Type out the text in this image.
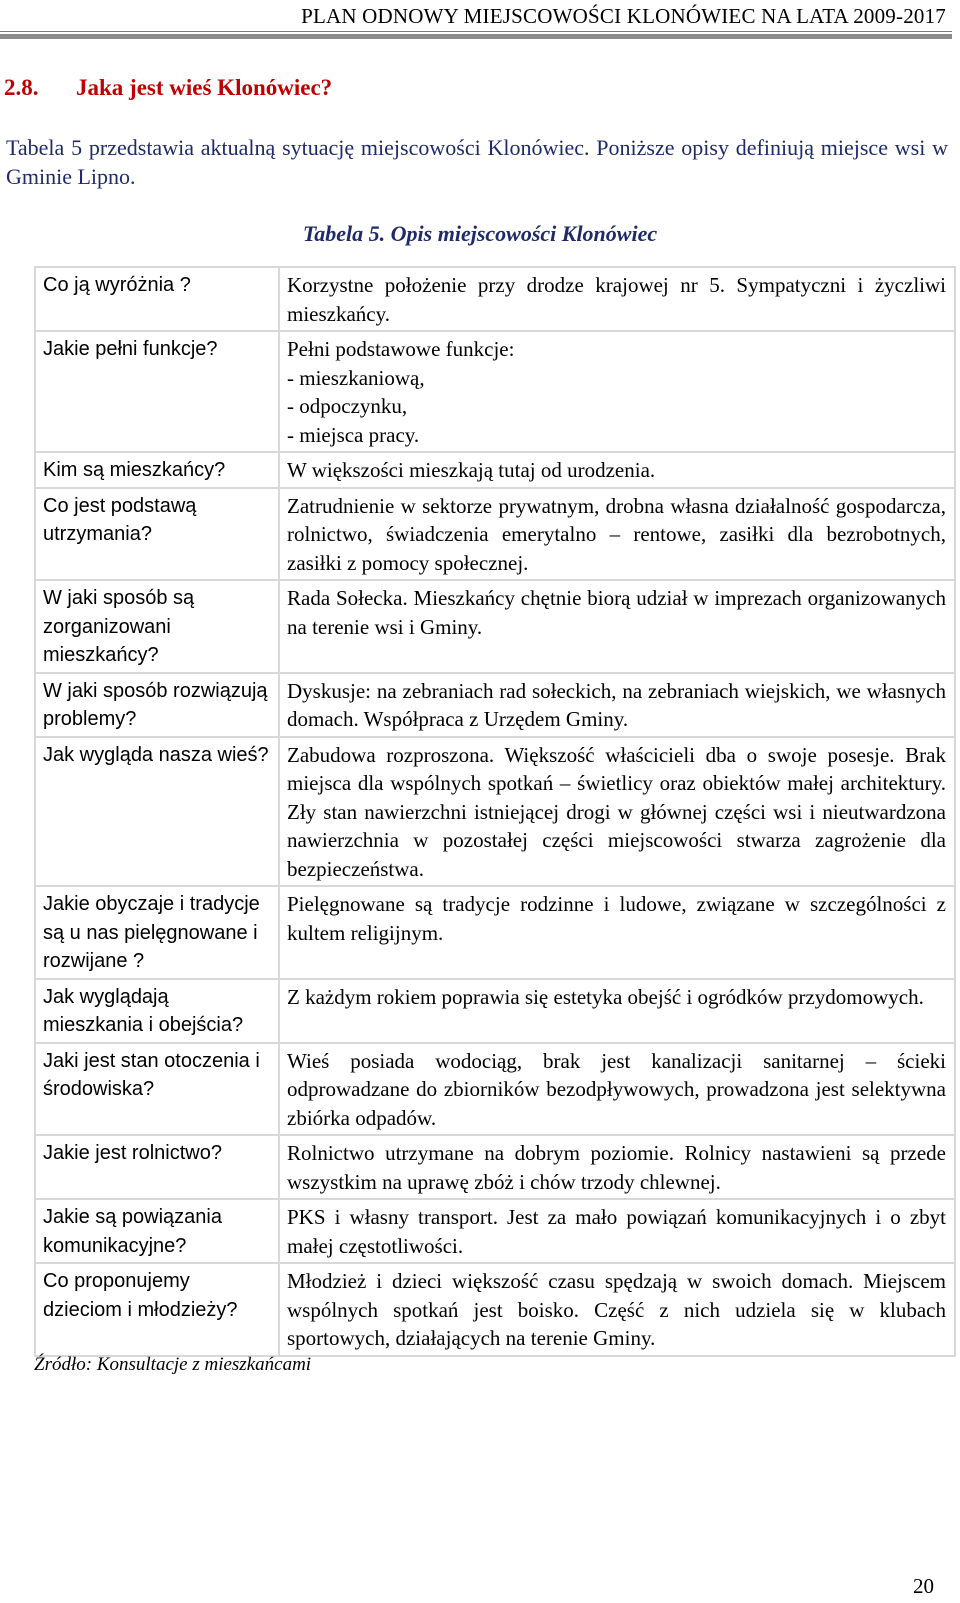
PLAN ODNOWY MIEJSCOWOŚCI KLONÓWIEC NA LATA 2009-2017
2.8. Jaka jest wieś Klonówiec?

Tabela 5 przedstawia aktualną sytuację miejscowości Klonówiec. Poniższe opisy definiują miejsce wsi w Gminie Lipno.

Tabela 5. Opis miejscowości Klonówiec
Co ją wyróżnia ?	Korzystne położenie przy drodze krajowej nr 5. Sympatyczni i życzliwi mieszkańcy.

Jakie pełni funkcje?	Pełni podstawowe funkcje:
- mieszkaniową,
- odpoczynku,
- miejsca pracy.

Kim są mieszkańcy?	W większości mieszkają tutaj od urodzenia.

Co jest podstawą utrzymania?	Zatrudnienie w sektorze prywatnym, drobna własna działalność gospodarcza, rolnictwo, świadczenia emerytalno – rentowe, zasiłki dla bezrobotnych, zasiłki z pomocy społecznej.

W jaki sposób są zorganizowani mieszkańcy?	Rada Sołecka. Mieszkańcy chętnie biorą udział w imprezach organizowanych na terenie wsi i Gminy.

W jaki sposób rozwiązują problemy?	Dyskusje: na zebraniach rad sołeckich, na zebraniach wiejskich, we własnych domach. Współpraca z Urzędem Gminy.

Jak wygląda nasza wieś?	Zabudowa rozproszona. Większość właścicieli dba o swoje posesje. Brak miejsca dla wspólnych spotkań – świetlicy oraz obiektów małej architektury. Zły stan nawierzchni istniejącej drogi w głównej części wsi i nieutwardzona nawierzchnia w pozostałej części miejscowości stwarza zagrożenie dla bezpieczeństwa.

Jakie obyczaje i tradycje są u nas pielęgnowane i rozwijane ?	Pielęgnowane są tradycje rodzinne i ludowe, związane w szczególności z kultem religijnym.

Jak wyglądają mieszkania i obejścia?	Z każdym rokiem poprawia się estetyka obejść i ogródków przydomowych.

Jaki jest stan otoczenia i środowiska?	Wieś posiada wodociąg, brak jest kanalizacji sanitarnej – ścieki odprowadzane do zbiorników bezodpływowych, prowadzona jest selektywna zbiórka odpadów.

Jakie jest rolnictwo?	Rolnictwo utrzymane na dobrym poziomie. Rolnicy nastawieni są przede wszystkim na uprawę zbóż i chów trzody chlewnej.

Jakie są powiązania komunikacyjne?	PKS i własny transport. Jest za mało powiązań komunikacyjnych i o zbyt małej częstotliwości.

Co proponujemy dzieciom i młodzieży?	Młodzież i dzieci większość czasu spędzają w swoich domach. Miejscem wspólnych spotkań jest boisko. Część z nich udziela się w klubach sportowych, działających na terenie Gminy.
Źródło: Konsultacje z mieszkańcami
20
